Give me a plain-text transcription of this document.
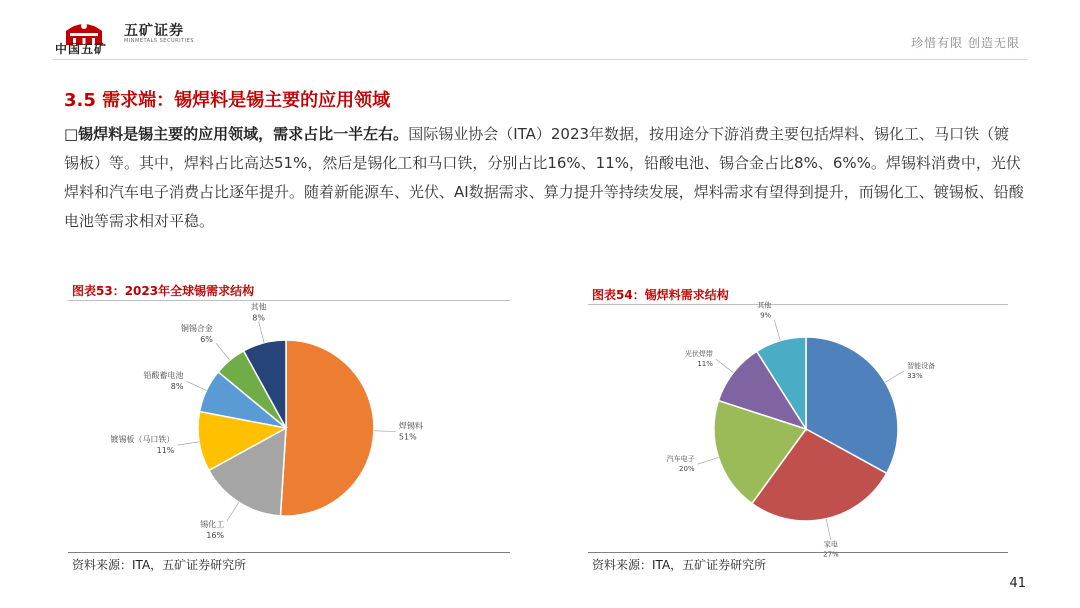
中国五矿
五矿证券
MINMETALS SECURITIES	珍惜有限 创造无限
3.5 需求端：锡焊料是锡主要的应用领域
□锡焊料是锡主要的应用领域，需求占比一半左右。国际锡业协会（ITA）2023年数据，按用途分下游消费主要包括焊料、锡化工、马口铁（镀锡板）等。其中，焊料占比高达51%，然后是锡化工和马口铁，分别占比16%、11%，铅酸电池、锡合金占比8%、6%%。焊锡料消费中，光伏焊料和汽车电子消费占比逐年提升。随着新能源车、光伏、AI数据需求、算力提升等持续发展，焊料需求有望得到提升，而锡化工、镀锡板、铅酸电池等需求相对平稳。
图表53：2023年全球锡需求结构
焊锡料
51%
锡化工
16%
镀锡板（马口铁）
11%
铅酸蓄电池
8%
铜锡合金
6%
其他
8%
资料来源：ITA，五矿证券研究所
图表54：锡焊料需求结构
智能设备
33%
家电
27%
汽车电子
20%
光伏焊带
11%
其他
9%
资料来源：ITA，五矿证券研究所
41
